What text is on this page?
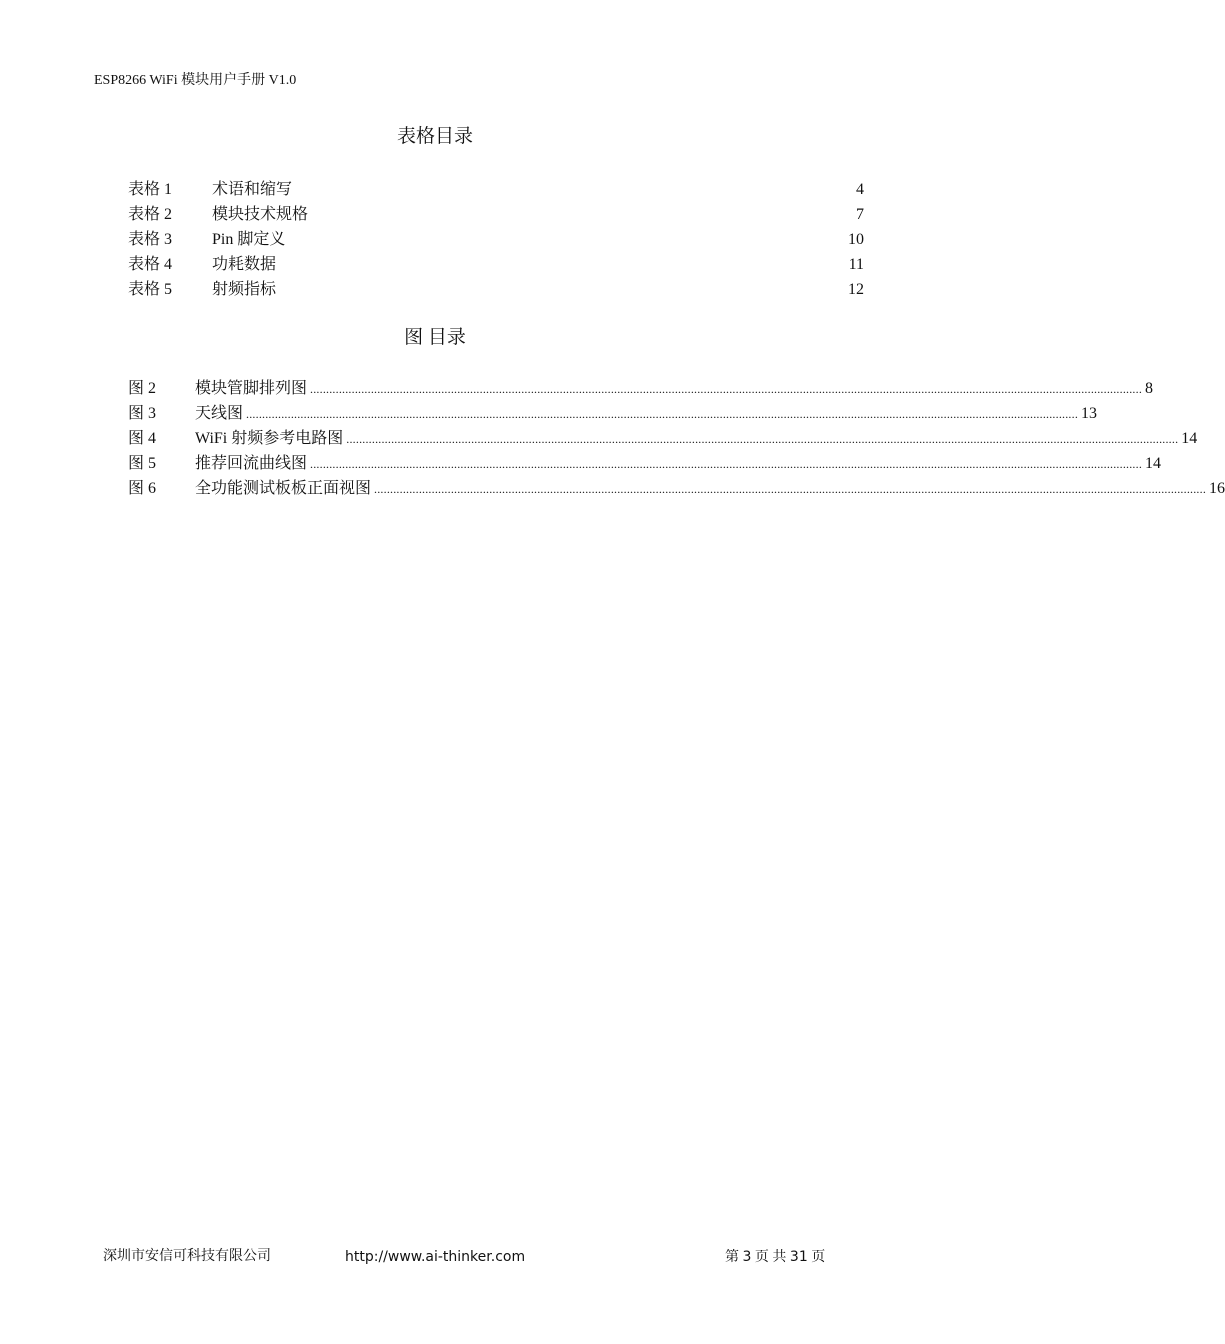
ESP8266 WiFi 模块用户手册 V1.0
表格目录
表格 1	术语和缩写	4
表格 2	模块技术规格	7
表格 3	Pin 脚定义	10
表格 4	功耗数据	11
表格 5	射频指标	12
图 目录
图 2	模块管脚排列图 .................................................................................................................................................................................................................................................................... 8
图 3	天线图 .................................................................................................................................................................................................................................................................... 13
图 4	WiFi 射频参考电路图 .................................................................................................................................................................................................................................................................... 14
图 5	推荐回流曲线图 .................................................................................................................................................................................................................................................................... 14
图 6	全功能测试板板正面视图 .................................................................................................................................................................................................................................................................... 16
深圳市安信可科技有限公司	http://www.ai-thinker.com	第 3 页 共 31 页
